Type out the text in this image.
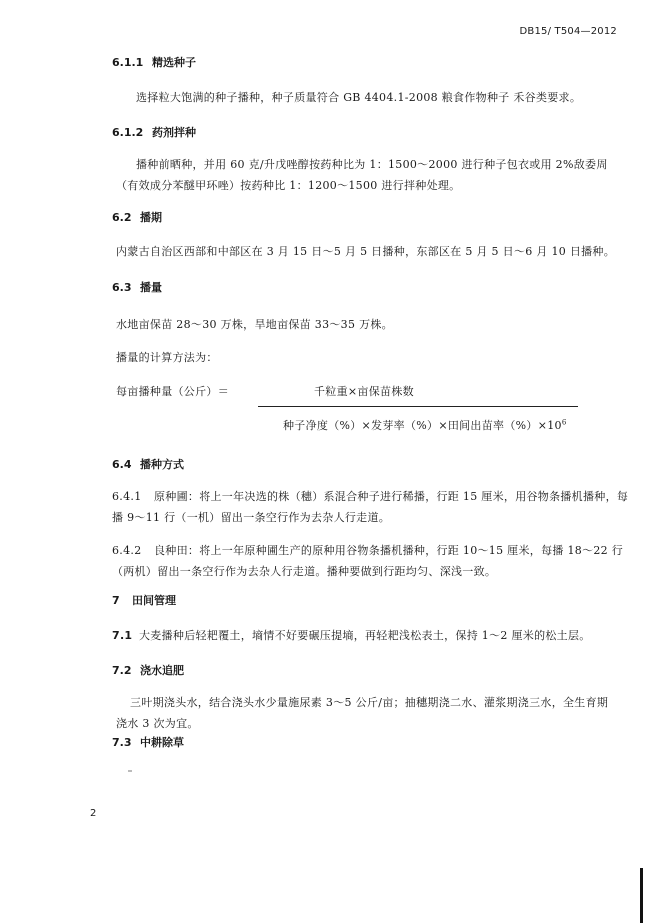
DB15/ T504—2012
6.1.1 精选种子
选择粒大饱满的种子播种，种子质量符合 GB 4404.1-2008 粮食作物种子 禾谷类要求。
6.1.2 药剂拌种
播种前晒种，并用 60 克/升戊唑醇按药种比为 1：1500～2000 进行种子包衣或用 2%敌委周（有效成分苯醚甲环唑）按药种比 1：1200～1500 进行拌种处理。
6.2 播期
内蒙古自治区西部和中部区在 3 月 15 日～5 月 5 日播种，东部区在 5 月 5 日～6 月 10 日播种。
6.3 播量
水地亩保苗 28～30 万株，旱地亩保苗 33～35 万株。
播量的计算方法为：
每亩播种量（公斤）＝	千粒重×亩保苗株数
种子净度（%）×发芽率（%）×田间出苗率$(\%)\times 10^6$
6.4 播种方式
6.4.1 原种圃：将上一年决选的株（穗）系混合种子进行稀播，行距 15 厘米，用谷物条播机播种，每播 9～11 行（一机）留出一条空行作为去杂人行走道。
6.4.2 良种田：将上一年原种圃生产的原种用谷物条播机播种，行距 10～15 厘米，每播 18～22 行（两机）留出一条空行作为去杂人行走道。播种要做到行距均匀、深浅一致。
7 田间管理
7.1 大麦播种后轻耙覆土，墒情不好要碾压提墒，再轻耙浅松表土，保持 1～2 厘米的松土层。
7.2 浇水追肥
三叶期浇头水，结合浇头水少量施尿素 3～5 公斤/亩；抽穗期浇二水、灌浆期浇三水，全生育期浇水 3 次为宜。
7.3 中耕除草
2
